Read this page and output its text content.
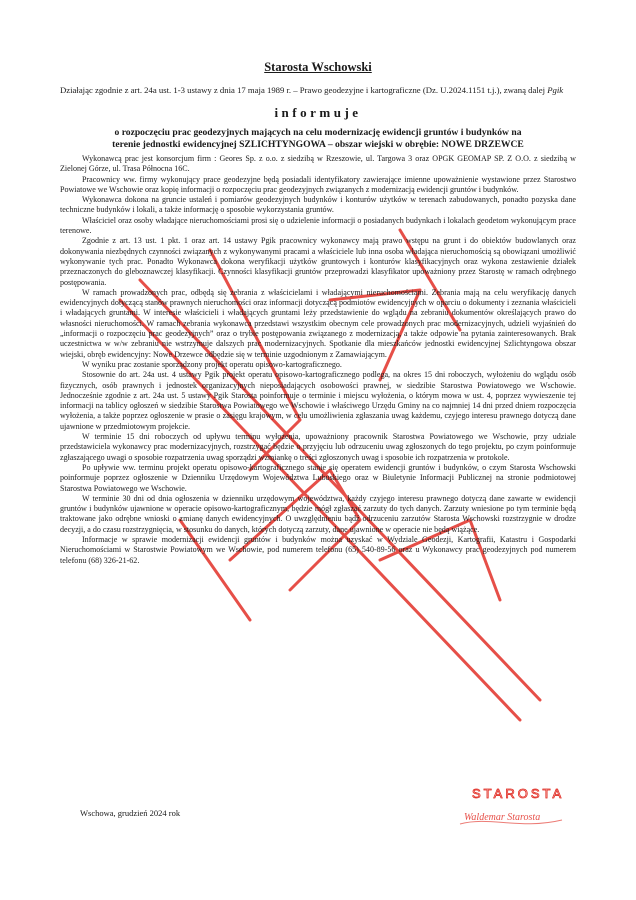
Starosta Wschowski

Działając zgodnie z art. 24a ust. 1-3 ustawy z dnia 17 maja 1989 r. – Prawo geodezyjne i kartograficzne (Dz. U.2024.1151 t.j.), zwaną dalej Pgik

informuje
o rozpoczęciu prac geodezyjnych mających na celu modernizację ewidencji gruntów i budynków na
terenie jednostki ewidencyjnej SZLICHTYNGOWA – obszar wiejski w obrębie: NOWE DRZEWCE

Wykonawcą prac jest konsorcjum firm : Geores Sp. z o.o. z siedzibą w Rzeszowie, ul. Targowa 3 oraz OPGK GEOMAP SP. Z O.O. z siedzibą w Zielonej Górze, ul. Trasa Północna 16C.

Pracownicy ww. firmy wykonujący prace geodezyjne będą posiadali identyfikatory zawierające imienne upoważnienie wystawione przez Starostwo Powiatowe we Wschowie oraz kopię informacji o rozpoczęciu prac geodezyjnych związanych z modernizacją ewidencji gruntów i budynków.

Wykonawca dokona na gruncie ustaleń i pomiarów geodezyjnych budynków i konturów użytków w terenach zabudowanych, ponadto pozyska dane techniczne budynków i lokali, a także informację o sposobie wykorzystania gruntów.

Właściciel oraz osoby władające nieruchomościami prosi się o udzielenie informacji o posiadanych budynkach i lokalach geodetom wykonującym prace terenowe.

Zgodnie z art. 13 ust. 1 pkt. 1 oraz art. 14 ustawy Pgik pracownicy wykonawcy mają prawo wstępu na grunt i do obiektów budowlanych oraz dokonywania niezbędnych czynności związanych z wykonywanymi pracami a właściciele lub inna osoba władająca nieruchomością są obowiązani umożliwić wykonywanie tych prac. Ponadto Wykonawca dokona weryfikacji użytków gruntowych i konturów klasyfikacyjnych oraz wykona zestawienie działek przeznaczonych do gleboznawczej klasyfikacji. Czynności klasyfikacji gruntów przeprowadzi klasyfikator upoważniony przez Starostę w ramach odrębnego postępowania.

W ramach prowadzonych prac, odbędą się zebrania z właścicielami i władającymi nieruchomościami. Zebrania mają na celu weryfikację danych ewidencyjnych dotyczącą stanów prawnych nieruchomości oraz informacji dotyczącą podmiotów ewidencyjnych w oparciu o dokumenty i zeznania właścicieli i władających gruntami. W interesie właścicieli i władających gruntami leży przedstawienie do wglądu na zebraniu dokumentów określających prawo do własności nieruchomości. W ramach zebrania wykonawca przedstawi wszystkim obecnym cele prowadzonych prac modernizacyjnych, udzieli wyjaśnień do „informacji o rozpoczęciu prac geodezyjnych” oraz o trybie postępowania związanego z modernizacją, a także odpowie na pytania zainteresowanych. Brak uczestnictwa w w/w zebraniu nie wstrzymuje dalszych prac modernizacyjnych. Spotkanie dla mieszkańców jednostki ewidencyjnej Szlichtyngowa obszar wiejski, obręb ewidencyjny: Nowe Drzewce odbędzie się w terminie uzgodnionym z Zamawiającym.

W wyniku prac zostanie sporządzony projekt operatu opisowo-kartograficznego.

Stosownie do art. 24a ust. 4 ustawy Pgik projekt operatu opisowo-kartograficznego podlega, na okres 15 dni roboczych, wyłożeniu do wglądu osób fizycznych, osób prawnych i jednostek organizacyjnych nieposiadających osobowości prawnej, w siedzibie Starostwa Powiatowego we Wschowie. Jednocześnie zgodnie z art. 24a ust. 5 ustawy Pgik Starosta poinformuje o terminie i miejscu wyłożenia, o którym mowa w ust. 4, poprzez wywieszenie tej informacji na tablicy ogłoszeń w siedzibie Starostwa Powiatowego we Wschowie i właściwego Urzędu Gminy na co najmniej 14 dni przed dniem rozpoczęcia wyłożenia, a także poprzez ogłoszenie w prasie o zasięgu krajowym, w celu umożliwienia zgłaszania uwag każdemu, czyjego interesu prawnego dotyczą dane ujawnione w przedmiotowym projekcie.

W terminie 15 dni roboczych od upływu terminu wyłożenia, upoważniony pracownik Starostwa Powiatowego we Wschowie, przy udziale przedstawiciela wykonawcy prac modernizacyjnych, rozstrzygać będzie o przyjęciu lub odrzuceniu uwag zgłoszonych do tego projektu, po czym poinformuje zgłaszającego uwagi o sposobie rozpatrzenia uwag sporządzi wzmiankę o treści zgłoszonych uwag i sposobie ich rozpatrzenia w protokole.

Po upływie ww. terminu projekt operatu opisowo-kartograficznego stanie się operatem ewidencji gruntów i budynków, o czym Starosta Wschowski poinformuje poprzez ogłoszenie w Dzienniku Urzędowym Województwa Lubuskiego oraz w Biuletynie Informacji Publicznej na stronie podmiotowej Starostwa Powiatowego we Wschowie.

W terminie 30 dni od dnia ogłoszenia w dzienniku urzędowym województwa, każdy czyjego interesu prawnego dotyczą dane zawarte w ewidencji gruntów i budynków ujawnione w operacie opisowo-kartograficznym, będzie mógł zgłaszać zarzuty do tych danych. Zarzuty wniesione po tym terminie będą traktowane jako odrębne wnioski o zmianę danych ewidencyjnych. O uwzględnieniu bądź odrzuceniu zarzutów Starosta Wschowski rozstrzygnie w drodze decyzji, a do czasu rozstrzygnięcia, w stosunku do danych, których dotyczą zarzuty, dane ujawnione w operacie nie będą wiążące.

Informacje w sprawie modernizacji ewidencji gruntów i budynków można uzyskać w Wydziale Geodezji, Kartografii, Katastru i Gospodarki Nieruchomościami w Starostwie Powiatowym we Wschowie, pod numerem telefonu (65) 540-89-56 oraz u Wykonawcy prac geodezyjnych pod numerem telefonu (68) 326-21-62.

Wschowa, grudzień 2024 rok
STAROSTA
Waldemar Starosta
